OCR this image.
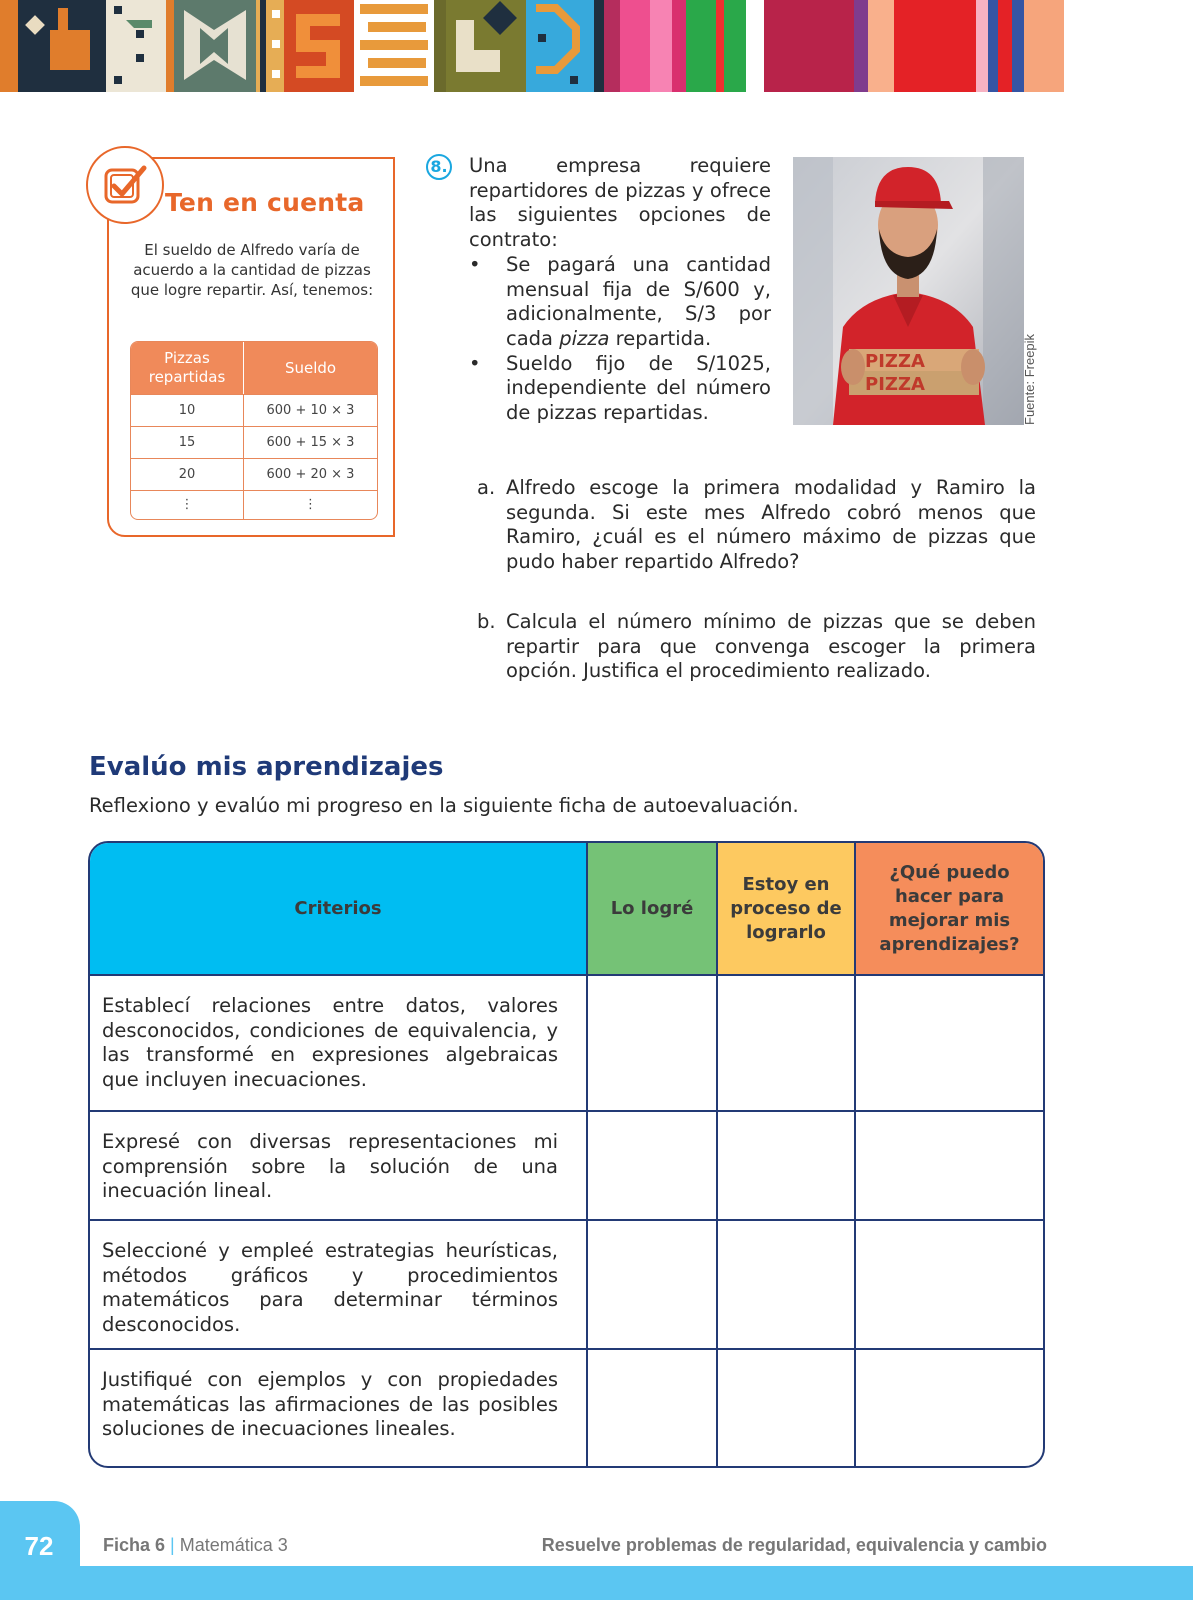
Ten en cuenta
El sueldo de Alfredo varía de acuerdo a la cantidad de pizzas que logre repartir. Así, tenemos:
Pizzas repartidas	Sueldo
10	600 + 10 × 3
15	600 + 15 × 3
20	600 + 20 × 3
⋮	⋮
8. Una empresa requiere repartidores de pizzas y ofrece las siguientes opciones de contrato:

• Se pagará una cantidad mensual fija de S/600 y, adicionalmente, S/3 por cada pizza repartida.

• Sueldo fijo de S/1025, independiente del número de pizzas repartidas.

PIZZA
PIZZA	Fuente: Freepik
a. Alfredo escoge la primera modalidad y Ramiro la segunda. Si este mes Alfredo cobró menos que Ramiro, ¿cuál es el número máximo de pizzas que pudo haber repartido Alfredo?
b. Calcula el número mínimo de pizzas que se deben repartir para que convenga escoger la primera opción. Justifica el procedimiento realizado.
Evalúo mis aprendizajes
Reflexiono y evalúo mi progreso en la siguiente ficha de autoevaluación.
Criterios	Lo logré	Estoy en proceso de lograrlo	¿Qué puedo hacer para mejorar mis aprendizajes?
Establecí relaciones entre datos, valores desconocidos, condiciones de equivalencia, y las transformé en expresiones algebraicas que incluyen inecuaciones.			
Expresé con diversas representaciones mi comprensión sobre la solución de una inecuación lineal.			
Seleccioné y empleé estrategias heurísticas, métodos gráficos y procedimientos matemáticos para determinar términos desconocidos.			
Justifiqué con ejemplos y con propiedades matemáticas las afirmaciones de las posibles soluciones de inecuaciones lineales.			
72	Ficha 6 | Matemática 3	Resuelve problemas de regularidad, equivalencia y cambio
